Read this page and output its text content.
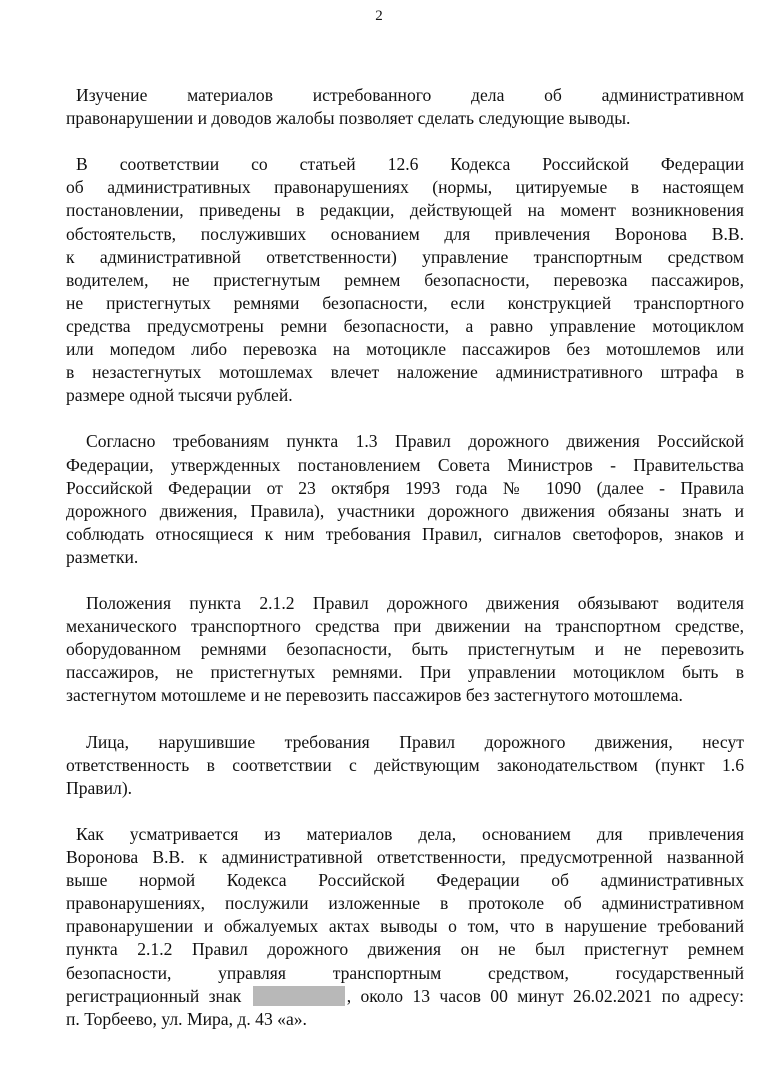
2

Изучение материалов истребованного дела об административном
правонарушении и доводов жалобы позволяет сделать следующие выводы.

В соответствии со статьей 12.6 Кодекса Российской Федерации
об административных правонарушениях (нормы, цитируемые в настоящем
постановлении, приведены в редакции, действующей на момент возникновения
обстоятельств, послуживших основанием для привлечения Воронова В.В.
к административной ответственности) управление транспортным средством
водителем, не пристегнутым ремнем безопасности, перевозка пассажиров,
не пристегнутых ремнями безопасности, если конструкцией транспортного
средства предусмотрены ремни безопасности, а равно управление мотоциклом
или мопедом либо перевозка на мотоцикле пассажиров без мотошлемов или
в незастегнутых мотошлемах влечет наложение административного штрафа в
размере одной тысячи рублей.

Согласно требованиям пункта 1.3 Правил дорожного движения Российской
Федерации, утвержденных постановлением Совета Министров - Правительства
Российской Федерации от 23 октября 1993 года № 1090 (далее - Правила
дорожного движения, Правила), участники дорожного движения обязаны знать и
соблюдать относящиеся к ним требования Правил, сигналов светофоров, знаков и
разметки.

Положения пункта 2.1.2 Правил дорожного движения обязывают водителя
механического транспортного средства при движении на транспортном средстве,
оборудованном ремнями безопасности, быть пристегнутым и не перевозить
пассажиров, не пристегнутых ремнями. При управлении мотоциклом быть в
застегнутом мотошлеме и не перевозить пассажиров без застегнутого мотошлема.

Лица, нарушившие требования Правил дорожного движения, несут
ответственность в соответствии с действующим законодательством (пункт 1.6
Правил).

Как усматривается из материалов дела, основанием для привлечения
Воронова В.В. к административной ответственности, предусмотренной названной
выше нормой Кодекса Российской Федерации об административных
правонарушениях, послужили изложенные в протоколе об административном
правонарушении и обжалуемых актах выводы о том, что в нарушение требований
пункта 2.1.2 Правил дорожного движения он не был пристегнут ремнем
безопасности, управляя транспортным средством, государственный
регистрационный знак	, около 13 часов 00 минут 26.02.2021 по адресу:
п. Торбеево, ул. Мира, д. 43 «а».
